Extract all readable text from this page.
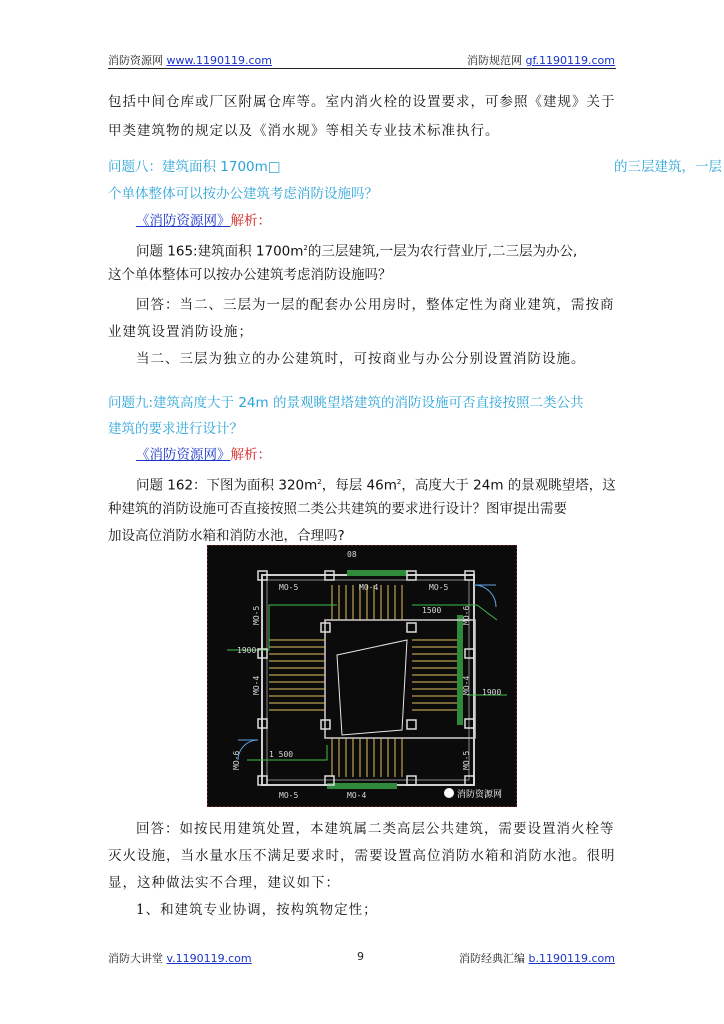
消防资源网 www.1190119.com	消防规范网 gf.1190119.com
包括中间仓库或厂区附属仓库等。室内消火栓的设置要求，可参照《建规》关于
甲类建筑物的规定以及《消水规》等相关专业技术标准执行。
问题八：建筑面积 1700m□	的三层建筑，一层
个单体整体可以按办公建筑考虑消防设施吗？
《消防资源网》解析：
问题 165:建筑面积 $1700m^2$的三层建筑,一层为农行营业厅,二三层为办公,
这个单体整体可以按办公建筑考虑消防设施吗？
回答：当二、三层为一层的配套办公用房时，整体定性为商业建筑，需按商
业建筑设置消防设施；
当二、三层为独立的办公建筑时，可按商业与办公分别设置消防设施。
问题九:建筑高度大于 24m 的景观眺望塔建筑的消防设施可否直接按照二类公共
建筑的要求进行设计？
《消防资源网》解析：
问题 162：下图为面积 $320m^2$，每层 $46m^2$，高度大于 24m 的景观眺望塔，这
种建筑的消防设施可否直接按照二类公共建筑的要求进行设计？图审提出需要
加设高位消防水箱和消防水池，合理吗?
MO-5	MO-4	MO-5
MO-5	MO-4
1900
1900
1500
1 500
08
MO-5
MO-4
MO-6
MO-6
MO-4
MO-5
消防资源网
回答：如按民用建筑处置，本建筑属二类高层公共建筑，需要设置消火栓等
灭火设施，当水量水压不满足要求时，需要设置高位消防水箱和消防水池。很明
显，这种做法实不合理，建议如下：
1、和建筑专业协调，按构筑物定性；
消防大讲堂 v.1190119.com	9	消防经典汇编 b.1190119.com
